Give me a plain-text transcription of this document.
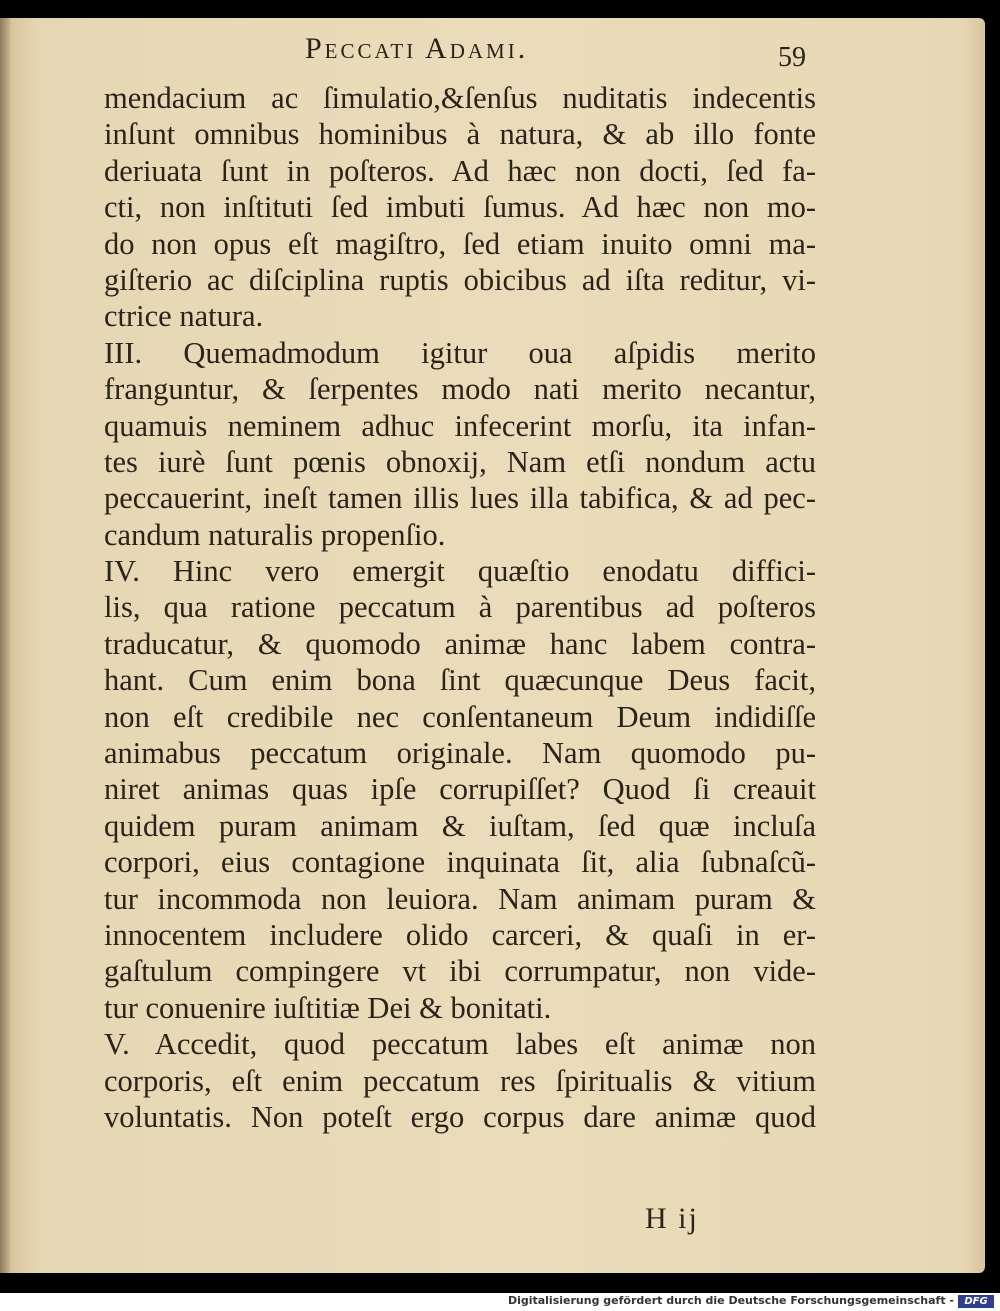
Peccati Adami.	59
mendacium ac ſimulatio,&ſenſus nuditatis indecentis
inſunt omnibus hominibus à natura, & ab illo fonte
deriuata ſunt in poſteros. Ad hæc non docti, ſed fa-
cti, non inſtituti ſed imbuti ſumus. Ad hæc non mo-
do non opus eſt magiſtro, ſed etiam inuito omni ma-
giſterio ac diſciplina ruptis obicibus ad iſta reditur, vi-
ctrice natura.
III. Quemadmodum igitur oua aſpidis merito
franguntur, & ſerpentes modo nati merito necantur,
quamuis neminem adhuc infecerint morſu, ita infan-
tes iurè ſunt pœnis obnoxij, Nam etſi nondum actu
peccauerint, ineſt tamen illis lues illa tabifica, & ad pec-
candum naturalis propenſio.
IV. Hinc vero emergit quæſtio enodatu diffici-
lis, qua ratione peccatum à parentibus ad poſteros
traducatur, & quomodo animæ hanc labem contra-
hant. Cum enim bona ſint quæcunque Deus facit,
non eſt credibile nec conſentaneum Deum indidiſſe
animabus peccatum originale. Nam quomodo pu-
niret animas quas ipſe corrupiſſet? Quod ſi creauit
quidem puram animam & iuſtam, ſed quæ incluſa
corpori, eius contagione inquinata ſit, alia ſubnaſcũ-
tur incommoda non leuiora. Nam animam puram &
innocentem includere olido carceri, & quaſi in er-
gaſtulum compingere vt ibi corrumpatur, non vide-
tur conuenire iuſtitiæ Dei & bonitati.
V. Accedit, quod peccatum labes eſt animæ non
corporis, eſt enim peccatum res ſpiritualis & vitium
voluntatis. Non poteſt ergo corpus dare animæ quod
H ij
Digitalisierung gefördert durch die Deutsche Forschungsgemeinschaft -	DFG
